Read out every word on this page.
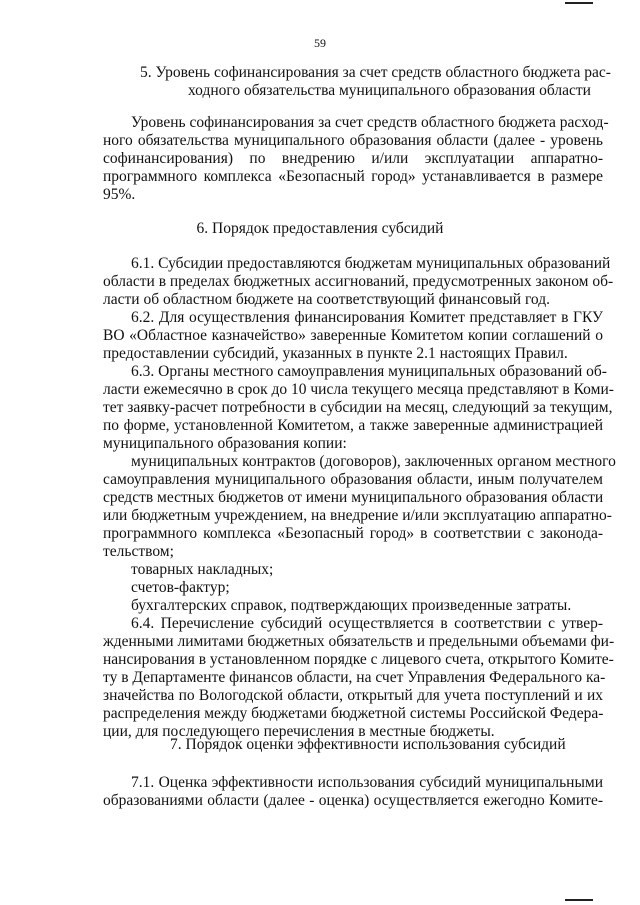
59
5. Уровень софинансирования за счет средств областного бюджета рас-
ходного обязательства муниципального образования области
Уровень софинансирования за счет средств областного бюджета расход-
ного обязательства муниципального образования области (далее - уровень
софинансирования) по внедрению и/или эксплуатации аппаратно-
программного комплекса «Безопасный город» устанавливается в размере
95%.
6. Порядок предоставления субсидий
6.1. Субсидии предоставляются бюджетам муниципальных образований
области в пределах бюджетных ассигнований, предусмотренных законом об-
ласти об областном бюджете на соответствующий финансовый год.
6.2. Для осуществления финансирования Комитет представляет в ГКУ
ВО «Областное казначейство» заверенные Комитетом копии соглашений о
предоставлении субсидий, указанных в пункте 2.1 настоящих Правил.
6.3. Органы местного самоуправления муниципальных образований об-
ласти ежемесячно в срок до 10 числа текущего месяца представляют в Коми-
тет заявку-расчет потребности в субсидии на месяц, следующий за текущим,
по форме, установленной Комитетом, а также заверенные администрацией
муниципального образования копии:
муниципальных контрактов (договоров), заключенных органом местного
самоуправления муниципального образования области, иным получателем
средств местных бюджетов от имени муниципального образования области
или бюджетным учреждением, на внедрение и/или эксплуатацию аппаратно-
программного комплекса «Безопасный город» в соответствии с законода-
тельством;
товарных накладных;
счетов-фактур;
бухгалтерских справок, подтверждающих произведенные затраты.
6.4. Перечисление субсидий осуществляется в соответствии с утвер-
жденными лимитами бюджетных обязательств и предельными объемами фи-
нансирования в установленном порядке с лицевого счета, открытого Комите-
ту в Департаменте финансов области, на счет Управления Федерального ка-
значейства по Вологодской области, открытый для учета поступлений и их
распределения между бюджетами бюджетной системы Российской Федера-
ции, для последующего перечисления в местные бюджеты.
7. Порядок оценки эффективности использования субсидий
7.1. Оценка эффективности использования субсидий муниципальными
образованиями области (далее - оценка) осуществляется ежегодно Комите-
